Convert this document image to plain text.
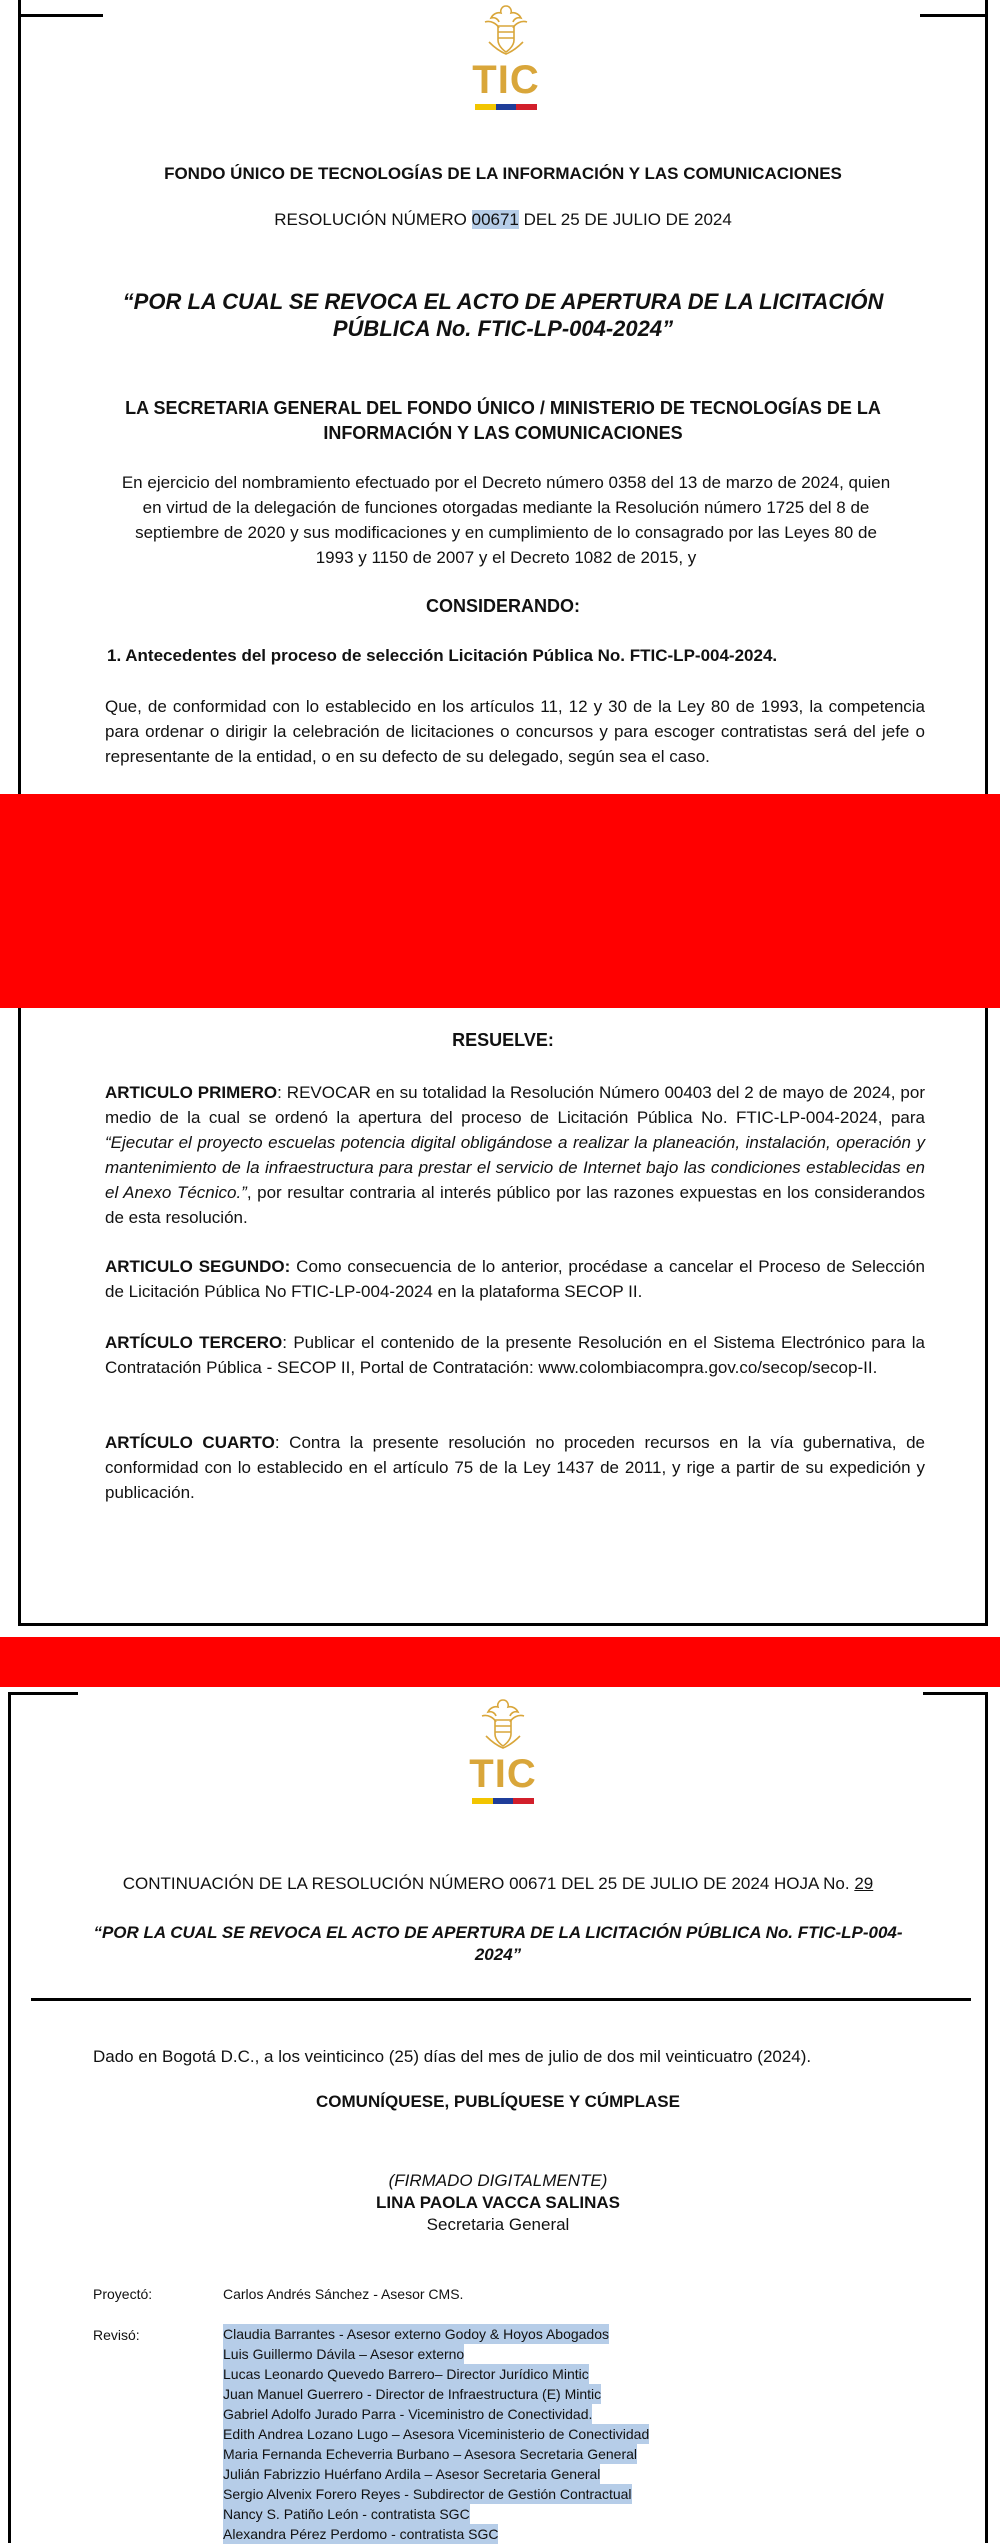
TIC
FONDO ÚNICO DE TECNOLOGÍAS DE LA INFORMACIÓN Y LAS COMUNICACIONES
RESOLUCIÓN NÚMERO 00671 DEL 25 DE JULIO DE 2024
“POR LA CUAL SE REVOCA EL ACTO DE APERTURA DE LA LICITACIÓN
PÚBLICA No. FTIC-LP-004-2024”
LA SECRETARIA GENERAL DEL FONDO ÚNICO / MINISTERIO DE TECNOLOGÍAS DE LA
INFORMACIÓN Y LAS COMUNICACIONES
En ejercicio del nombramiento efectuado por el Decreto número 0358 del 13 de marzo de 2024, quien en virtud de la delegación de funciones otorgadas mediante la Resolución número 1725 del 8 de septiembre de 2020 y sus modificaciones y en cumplimiento de lo consagrado por las Leyes 80 de 1993 y 1150 de 2007 y el Decreto 1082 de 2015, y
CONSIDERANDO:
1. Antecedentes del proceso de selección Licitación Pública No. FTIC-LP-004-2024.
Que, de conformidad con lo establecido en los artículos 11, 12 y 30 de la Ley 80 de 1993, la competencia para ordenar o dirigir la celebración de licitaciones o concursos y para escoger contratistas será del jefe o representante de la entidad, o en su defecto de su delegado, según sea el caso.
RESUELVE:
ARTICULO PRIMERO: REVOCAR en su totalidad la Resolución Número 00403 del 2 de mayo de 2024, por medio de la cual se ordenó la apertura del proceso de Licitación Pública No. FTIC-LP-004-2024, para “Ejecutar el proyecto escuelas potencia digital obligándose a realizar la planeación, instalación, operación y mantenimiento de la infraestructura para prestar el servicio de Internet bajo las condiciones establecidas en el Anexo Técnico.”, por resultar contraria al interés público por las razones expuestas en los considerandos de esta resolución.
ARTICULO SEGUNDO: Como consecuencia de lo anterior, procédase a cancelar el Proceso de Selección de Licitación Pública No FTIC-LP-004-2024 en la plataforma SECOP II.
ARTÍCULO TERCERO: Publicar el contenido de la presente Resolución en el Sistema Electrónico para la Contratación Pública - SECOP II, Portal de Contratación: www.colombiacompra.gov.co/secop/secop-II.
ARTÍCULO CUARTO: Contra la presente resolución no proceden recursos en la vía gubernativa, de conformidad con lo establecido en el artículo 75 de la Ley 1437 de 2011, y rige a partir de su expedición y publicación.
TIC
CONTINUACIÓN DE LA RESOLUCIÓN NÚMERO 00671 DEL 25 DE JULIO DE 2024 HOJA No. 29
“POR LA CUAL SE REVOCA EL ACTO DE APERTURA DE LA LICITACIÓN PÚBLICA No. FTIC-LP-004-
2024”
Dado en Bogotá D.C., a los veinticinco (25) días del mes de julio de dos mil veinticuatro (2024).
COMUNÍQUESE, PUBLÍQUESE Y CÚMPLASE
(FIRMADO DIGITALMENTE)
LINA PAOLA VACCA SALINAS
Secretaria General
Proyectó:	Carlos Andrés Sánchez - Asesor CMS.
Revisó:	Claudia Barrantes - Asesor externo Godoy & Hoyos Abogados
Luis Guillermo Dávila – Asesor externo
Lucas Leonardo Quevedo Barrero– Director Jurídico Mintic
Juan Manuel Guerrero - Director de Infraestructura (E) Mintic
Gabriel Adolfo Jurado Parra - Viceministro de Conectividad.
Edith Andrea Lozano Lugo – Asesora Viceministerio de Conectividad
Maria Fernanda Echeverria Burbano – Asesora Secretaria General
Julián Fabrizzio Huérfano Ardila – Asesor Secretaria General
Sergio Alvenix Forero Reyes - Subdirector de Gestión Contractual
Nancy S. Patiño León - contratista SGC
Alexandra Pérez Perdomo - contratista SGC
